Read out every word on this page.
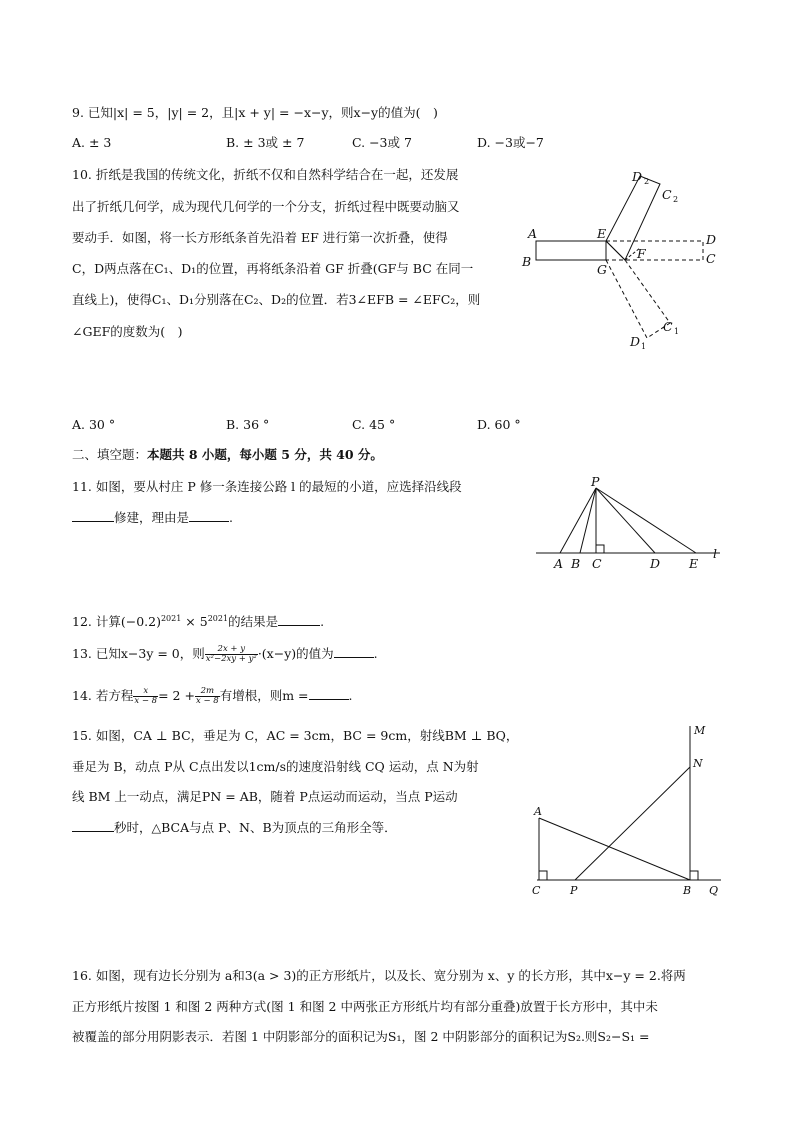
9. 已知|x| = 5，|y| = 2，且|x + y| = −x−y，则x−y的值为(　)
A. ± 3	B. ± 3或 ± 7	C. −3或 7	D. −3或−7
10. 折纸是我国的传统文化，折纸不仅和自然科学结合在一起，还发展
出了折纸几何学，成为现代几何学的一个分支，折纸过程中既要动脑又
要动手．如图，将一长方形纸条首先沿着 EF 进行第一次折叠，使得
C，D两点落在C₁、D₁的位置，再将纸条沿着 GF 折叠(GF与 BC 在同一
直线上)，使得C₁、D₁分别落在C₂、D₂的位置．若3∠EFB = ∠EFC₂，则
∠GEF的度数为(　)
A
B
E
G
F
D
C
D 2
C 2
C 1
D 1
A. 30 °	B. 36 °	C. 45 °	D. 60 °
二、填空题：本题共 8 小题，每小题 5 分，共 40 分。
11. 如图，要从村庄 P 修一条连接公路 l 的最短的小道，应选择沿线段
修建，理由是	.
P
A B C	D E
l
12. 计算$(-0.2)^{2021} \times 5^{2021}$的结果是	.
13. 已知x−3y = 0，则 $\frac{2x + y}{\text{x²−2xy + y²}} \cdot(x-y)$的值为	.
14. 若方程 $\frac{x}{x - 8} = 2 + \frac{2m}{x - 8}$ 有增根，则m =	.
15. 如图，CA ⊥ BC，垂足为 C，AC = 3cm，BC = 9cm，射线BM ⊥ BQ，
垂足为 B，动点 P从 C点出发以1cm/s的速度沿射线 CQ 运动，点 N为射
线 BM 上一动点，满足PN = AB，随着 P点运动而运动，当点 P运动
秒时，△BCA与点 P、N、B为顶点的三角形全等．
M
N
A
C	P	B Q
16. 如图，现有边长分别为 a和3(a > 3)的正方形纸片，以及长、宽分别为 x、y 的长方形，其中x−y = 2.将两
正方形纸片按图 1 和图 2 两种方式(图 1 和图 2 中两张正方形纸片均有部分重叠)放置于长方形中，其中未
被覆盖的部分用阴影表示．若图 1 中阴影部分的面积记为S₁，图 2 中阴影部分的面积记为S₂.则S₂−S₁ =
